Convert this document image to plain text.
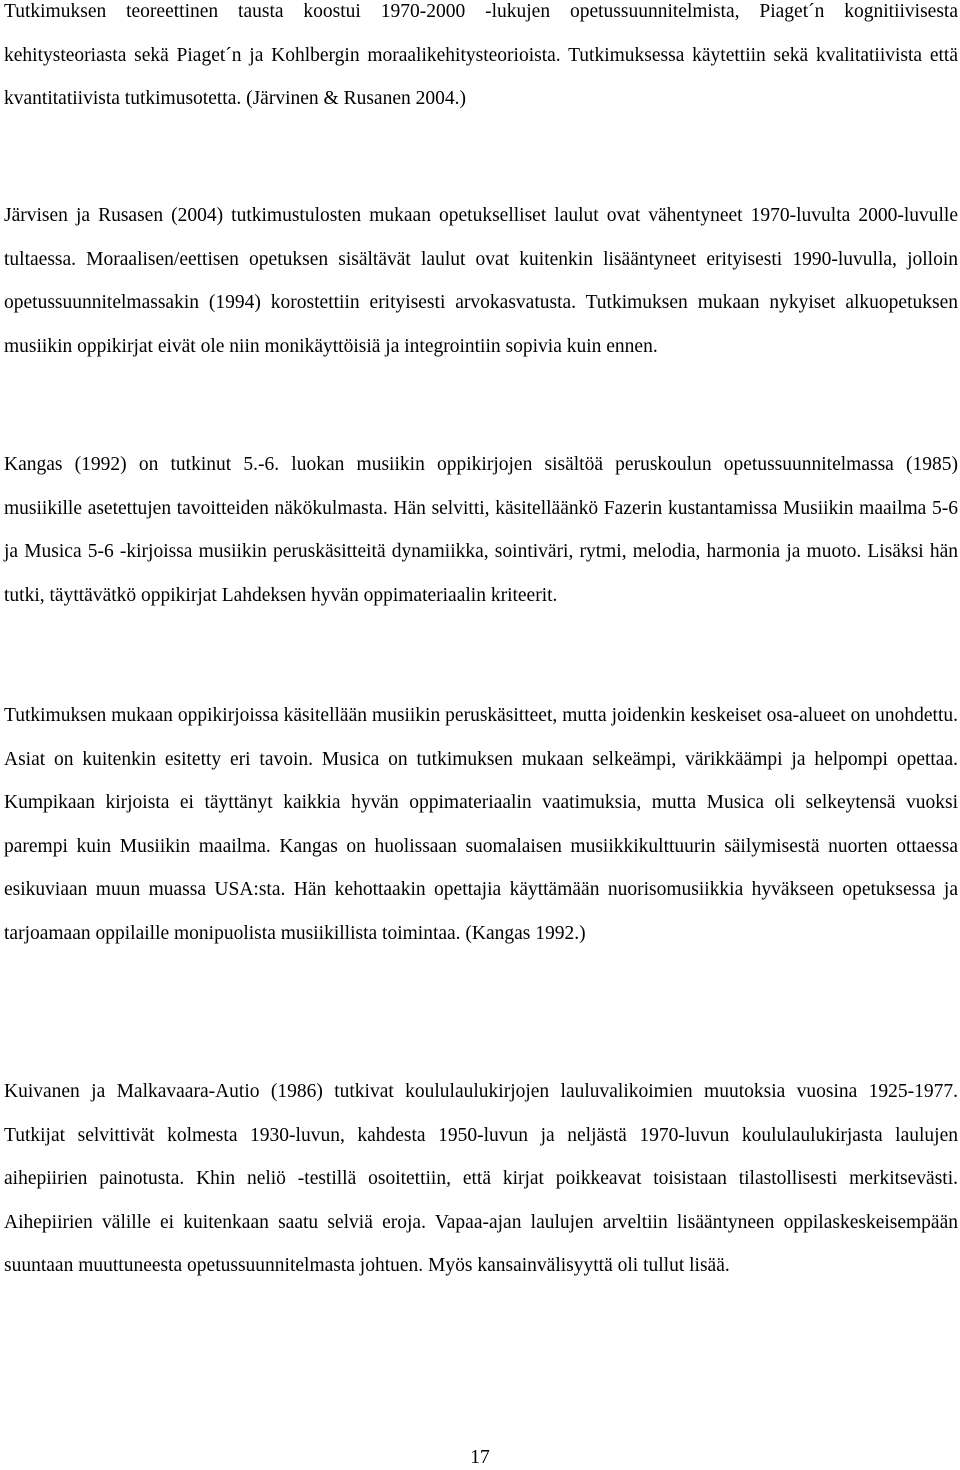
Tutkimuksen teoreettinen tausta koostui 1970-2000 -lukujen opetussuunnitelmista, Piaget´n kognitiivisesta kehitysteoriasta sekä Piaget´n ja Kohlbergin moraalikehitysteorioista. Tutkimuksessa käytettiin sekä kvalitatiivista että kvantitatiivista tutkimusotetta. (Järvinen & Rusanen 2004.)

Järvisen ja Rusasen (2004) tutkimustulosten mukaan opetukselliset laulut ovat vähentyneet 1970-luvulta 2000-luvulle tultaessa. Moraalisen/eettisen opetuksen sisältävät laulut ovat kuitenkin lisääntyneet erityisesti 1990-luvulla, jolloin opetussuunnitelmassakin (1994) korostettiin erityisesti arvokasvatusta. Tutkimuksen mukaan nykyiset alkuopetuksen musiikin oppikirjat eivät ole niin monikäyttöisiä ja integrointiin sopivia kuin ennen.

Kangas (1992) on tutkinut 5.-6. luokan musiikin oppikirjojen sisältöä peruskoulun opetussuunnitelmassa (1985) musiikille asetettujen tavoitteiden näkökulmasta. Hän selvitti, käsitelläänkö Fazerin kustantamissa Musiikin maailma 5-6 ja Musica 5-6 -kirjoissa musiikin peruskäsitteitä dynamiikka, sointiväri, rytmi, melodia, harmonia ja muoto. Lisäksi hän tutki, täyttävätkö oppikirjat Lahdeksen hyvän oppimateriaalin kriteerit.

Tutkimuksen mukaan oppikirjoissa käsitellään musiikin peruskäsitteet, mutta joidenkin keskeiset osa-alueet on unohdettu. Asiat on kuitenkin esitetty eri tavoin. Musica on tutkimuksen mukaan selkeämpi, värikkäämpi ja helpompi opettaa. Kumpikaan kirjoista ei täyttänyt kaikkia hyvän oppimateriaalin vaatimuksia, mutta Musica oli selkeytensä vuoksi parempi kuin Musiikin maailma. Kangas on huolissaan suomalaisen musiikkikulttuurin säilymisestä nuorten ottaessa esikuviaan muun muassa USA:sta. Hän kehottaakin opettajia käyttämään nuorisomusiikkia hyväkseen opetuksessa ja tarjoamaan oppilaille monipuolista musiikillista toimintaa. (Kangas 1992.)

Kuivanen ja Malkavaara-Autio (1986) tutkivat koululaulukirjojen lauluvalikoimien muutoksia vuosina 1925-1977. Tutkijat selvittivät kolmesta 1930-luvun, kahdesta 1950-luvun ja neljästä 1970-luvun koululaulukirjasta laulujen aihepiirien painotusta. Khin neliö -testillä osoitettiin, että kirjat poikkeavat toisistaan tilastollisesti merkitsevästi. Aihepiirien välille ei kuitenkaan saatu selviä eroja. Vapaa-ajan laulujen arveltiin lisääntyneen oppilaskeskeisempään suuntaan muuttuneesta opetussuunnitelmasta johtuen. Myös kansainvälisyyttä oli tullut lisää.

17
